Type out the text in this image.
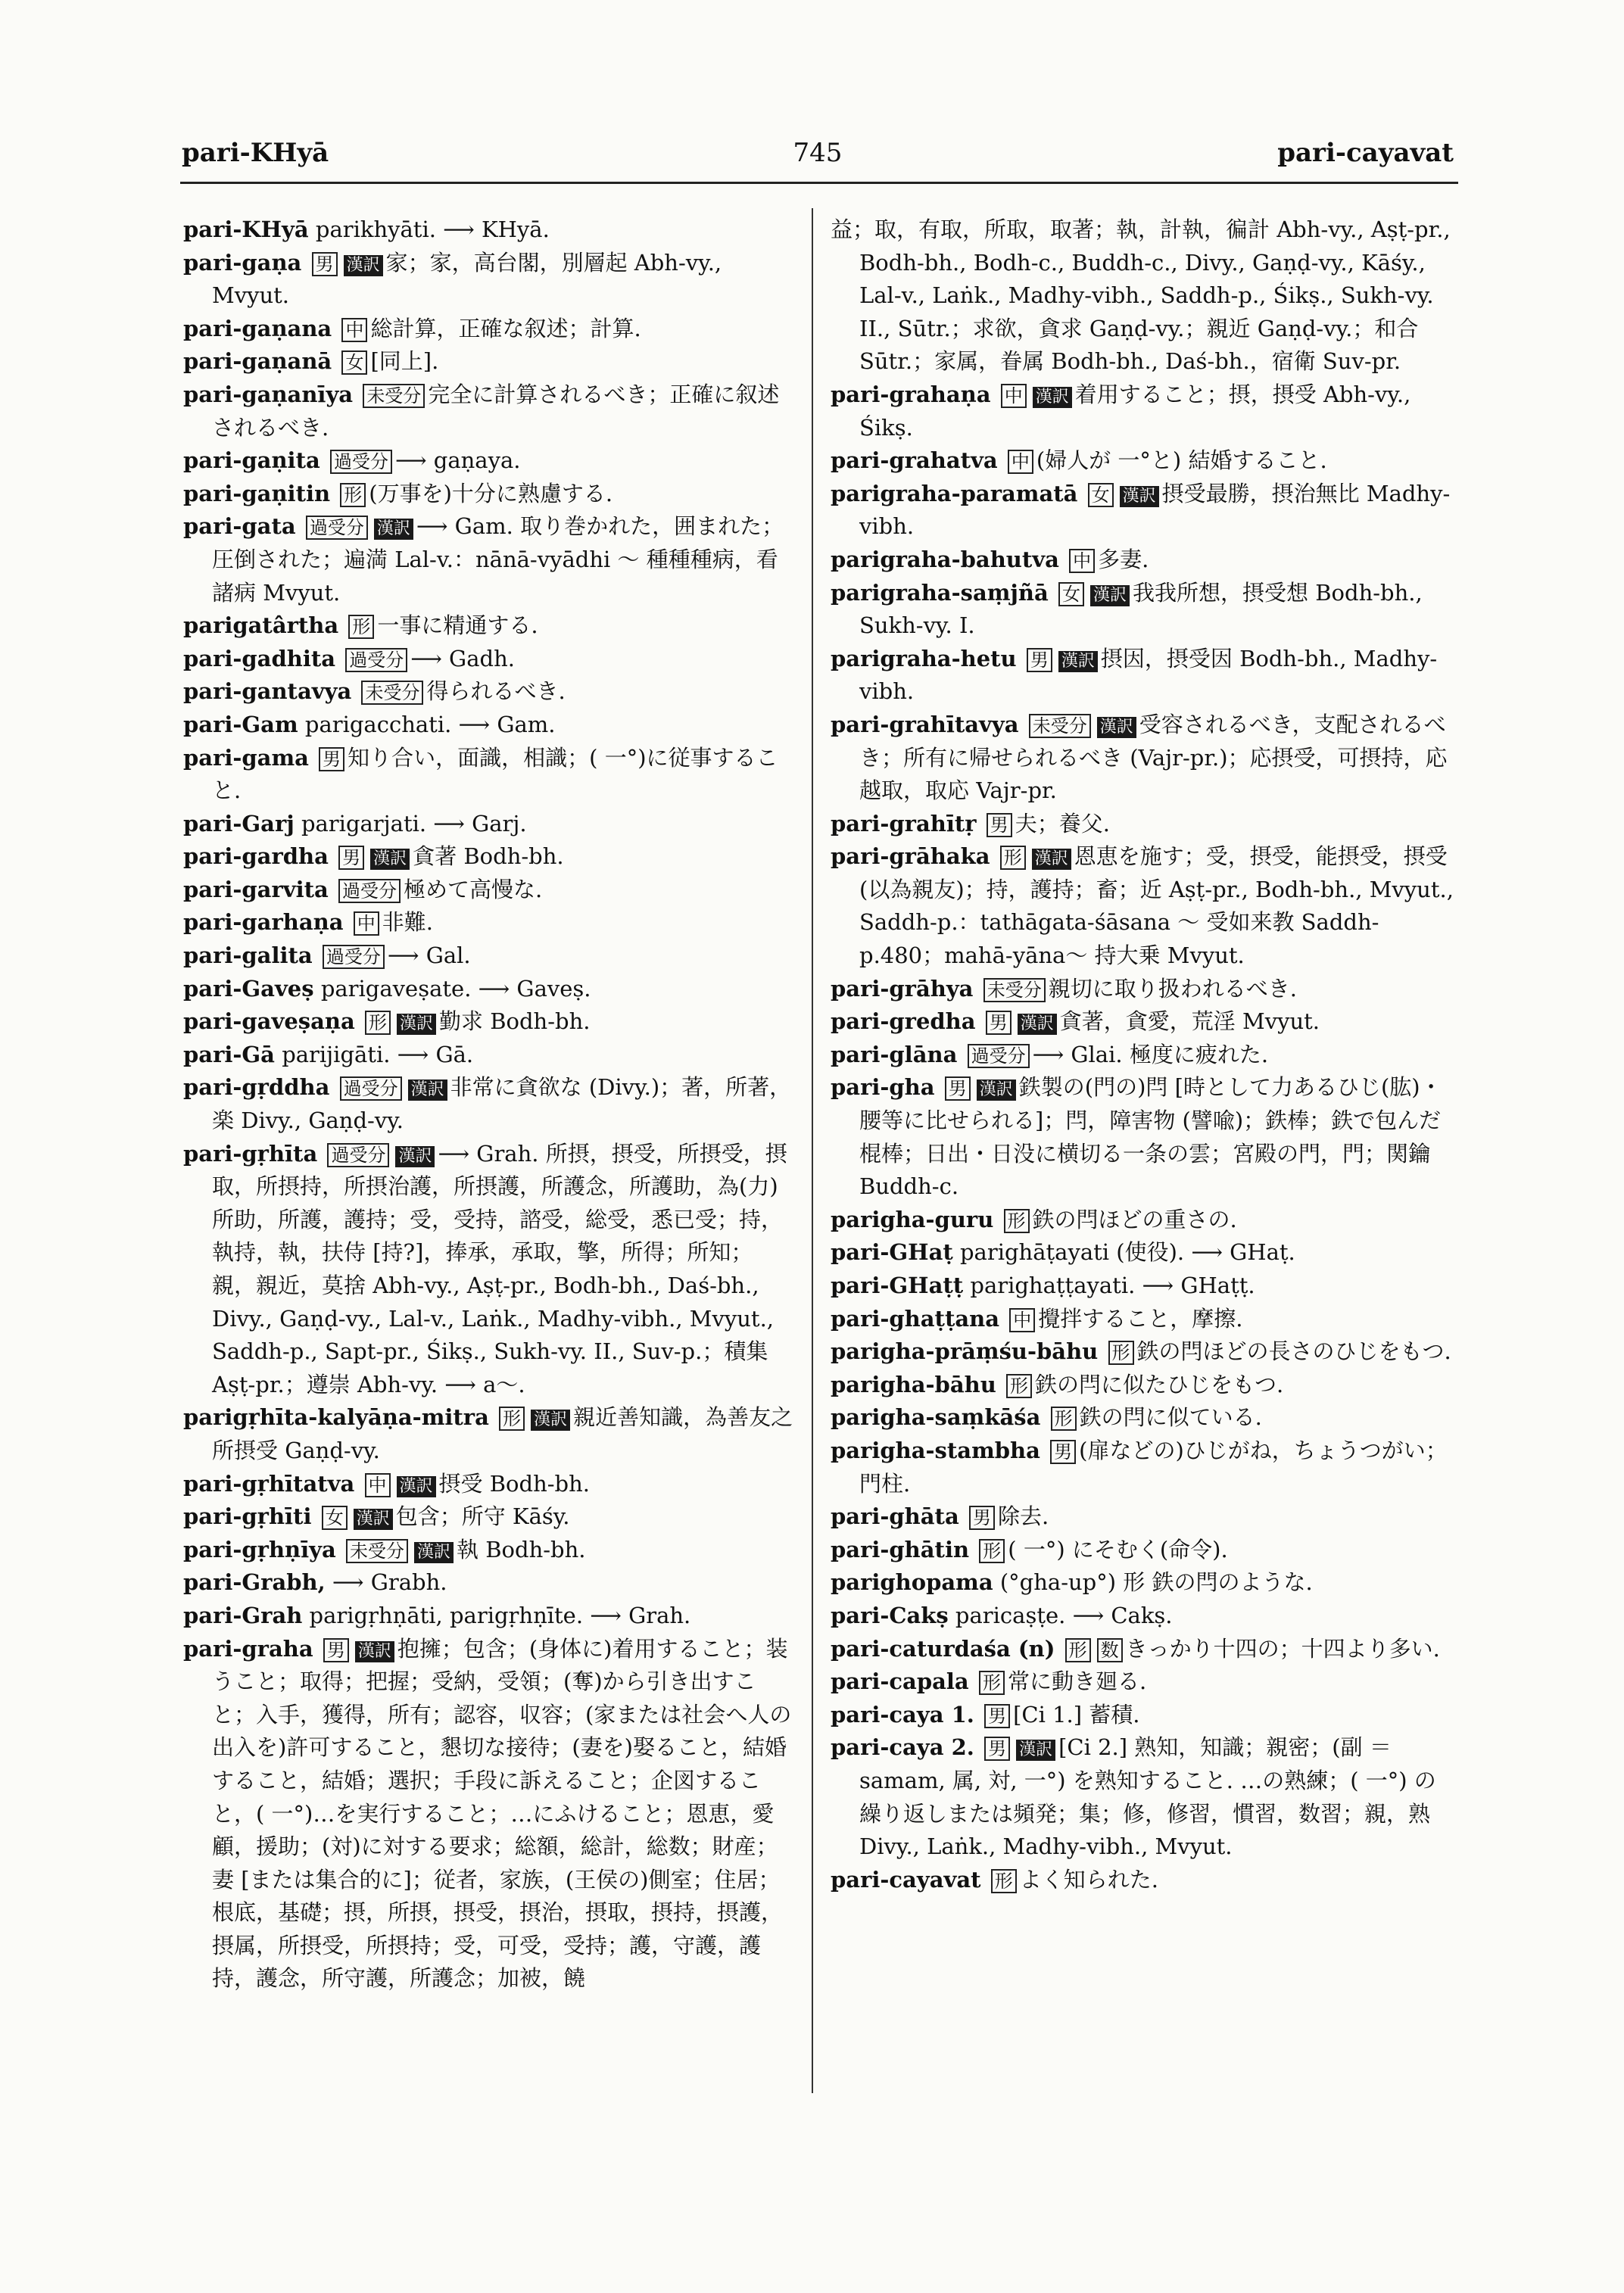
pari-KHyā	745	pari-cayavat
pari-KHyā parikhyāti. ⟶ KHyā.
pari-gaṇa 男 漢訳 家；家，高台閣，別層起 Abh-vy., Mvyut.
pari-gaṇana 中 総計算，正確な叙述；計算.
pari-gaṇanā 女 [同上].
pari-gaṇanīya 未受分 完全に計算されるべき；正確に叙述されるべき.
pari-gaṇita 過受分 ⟶ gaṇaya.
pari-gaṇitin 形 (万事を)十分に熟慮する.
pari-gata 過受分 漢訳 ⟶ Gam. 取り巻かれた，囲まれた；圧倒された；遍満 Lal-v.：nānā-vyādhi ～ 種種種病，看諸病 Mvyut.
parigatârtha 形 一事に精通する.
pari-gadhita 過受分 ⟶ Gadh.
pari-gantavya 未受分 得られるべき.
pari-Gam parigacchati. ⟶ Gam.
pari-gama 男 知り合い，面識，相識；( 一°)に従事すること.
pari-Garj parigarjati. ⟶ Garj.
pari-gardha 男 漢訳 貪著 Bodh-bh.
pari-garvita 過受分 極めて高慢な.
pari-garhaṇa 中 非難.
pari-galita 過受分 ⟶ Gal.
pari-Gaveṣ parigaveṣate. ⟶ Gaveṣ.
pari-gaveṣaṇa 形 漢訳 勤求 Bodh-bh.
pari-Gā parijigāti. ⟶ Gā.
pari-gṛddha 過受分 漢訳 非常に貪欲な (Divy.)；著，所著，楽 Divy., Gaṇḍ-vy.
pari-gṛhīta 過受分 漢訳 ⟶ Grah. 所摂，摂受，所摂受，摂取，所摂持，所摂治護，所摂護，所護念，所護助，為(力)所助，所護，護持；受，受持，諮受，総受，悉已受；持，執持，執，扶侍 [持?]，捧承，承取，擎，所得；所知；親，親近，莫捨 Abh-vy., Aṣṭ-pr., Bodh-bh., Daś-bh., Divy., Gaṇḍ-vy., Lal-v., Laṅk., Madhy-vibh., Mvyut., Saddh-p., Sapt-pr., Śikṣ., Sukh-vy. II., Suv-p.；積集 Aṣṭ-pr.；遵崇 Abh-vy. ⟶ a～.
parigṛhīta-kalyāṇa-mitra 形 漢訳 親近善知識，為善友之所摂受 Gaṇḍ-vy.
pari-gṛhītatva 中 漢訳 摂受 Bodh-bh.
pari-gṛhīti 女 漢訳 包含；所守 Kāśy.
pari-gṛhṇīya 未受分 漢訳 執 Bodh-bh.
pari-Grabh, ⟶ Grabh.
pari-Grah parigṛhṇāti, parigṛhṇīte. ⟶ Grah.
pari-graha 男 漢訳 抱擁；包含；(身体に)着用すること；装うこと；取得；把握；受納，受領；(奪)から引き出すこと；入手，獲得，所有；認容，収容；(家または社会へ人の出入を)許可すること，懇切な接待；(妻を)娶ること，結婚すること，結婚；選択；手段に訴えること；企図すること，( 一°)…を実行すること；…にふけること；恩恵，愛顧，援助；(対)に対する要求；総額，総計，総数；財産；妻 [または集合的に]；従者，家族，(王侯の)側室；住居；根底，基礎；摂，所摂，摂受，摂治，摂取，摂持，摂護，摂属，所摂受，所摂持；受，可受，受持；護，守護，護持，護念，所守護，所護念；加被，饒
益；取，有取，所取，取著；執，計執，徧計 Abh-vy., Aṣṭ-pr., Bodh-bh., Bodh-c., Buddh-c., Divy., Gaṇḍ-vy., Kāśy., Lal-v., Laṅk., Madhy-vibh., Saddh-p., Śikṣ., Sukh-vy. II., Sūtr.；求欲，貪求 Gaṇḍ-vy.；親近 Gaṇḍ-vy.；和合 Sūtr.；家属，眷属 Bodh-bh., Daś-bh.，宿衛 Suv-pr.
pari-grahaṇa 中 漢訳 着用すること；摂，摂受 Abh-vy., Śikṣ.
pari-grahatva 中 (婦人が 一°と) 結婚すること.
parigraha-paramatā 女 漢訳 摂受最勝，摂治無比 Madhy-vibh.
parigraha-bahutva 中 多妻.
parigraha-saṃjñā 女 漢訳 我我所想，摂受想 Bodh-bh., Sukh-vy. I.
parigraha-hetu 男 漢訳 摂因，摂受因 Bodh-bh., Madhy-vibh.
pari-grahītavya 未受分 漢訳 受容されるべき，支配されるべき；所有に帰せられるべき (Vajr-pr.)；応摂受，可摂持，応越取，取応 Vajr-pr.
pari-grahītṛ 男 夫；養父.
pari-grāhaka 形 漢訳 恩恵を施す；受，摂受，能摂受，摂受(以為親友)；持，護持；畜；近 Aṣṭ-pr., Bodh-bh., Mvyut., Saddh-p.：tathāgata-śāsana ～ 受如来教 Saddh-p.480；mahā-yāna～ 持大乗 Mvyut.
pari-grāhya 未受分 親切に取り扱われるべき.
pari-gredha 男 漢訳 貪著，貪愛，荒淫 Mvyut.
pari-glāna 過受分 ⟶ Glai. 極度に疲れた.
pari-gha 男 漢訳 鉄製の(門の)閂 [時として力あるひじ(肱)・腰等に比せられる]；閂，障害物 (譬喩)；鉄棒；鉄で包んだ棍棒；日出・日没に横切る一条の雲；宮殿の門，門；関鑰 Buddh-c.
parigha-guru 形 鉄の閂ほどの重さの.
pari-GHaṭ parighāṭayati (使役). ⟶ GHaṭ.
pari-GHaṭṭ parighaṭṭayati. ⟶ GHaṭṭ.
pari-ghaṭṭana 中 攪拌すること，摩擦.
parigha-prāṃśu-bāhu 形 鉄の閂ほどの長さのひじをもつ.
parigha-bāhu 形 鉄の閂に似たひじをもつ.
parigha-saṃkāśa 形 鉄の閂に似ている.
parigha-stambha 男 (扉などの)ひじがね，ちょうつがい；門柱.
pari-ghāta 男 除去.
pari-ghātin 形 ( 一°) にそむく(命令).
parighopama (°gha-up°) 形 鉄の閂のような.
pari-Cakṣ paricaṣṭe. ⟶ Cakṣ.
pari-caturdaśa (n) 形 数 きっかり十四の；十四より多い.
pari-capala 形 常に動き廻る.
pari-caya 1. 男 [Ci 1.] 蓄積.
pari-caya 2. 男 漢訳 [Ci 2.] 熟知，知識；親密；(副 ＝ samam, 属, 対, 一°) を熟知すること. …の熟練；( 一°) の繰り返しまたは頻発；集；修，修習，慣習，数習；親，熟 Divy., Laṅk., Madhy-vibh., Mvyut.
pari-cayavat 形 よく知られた.
